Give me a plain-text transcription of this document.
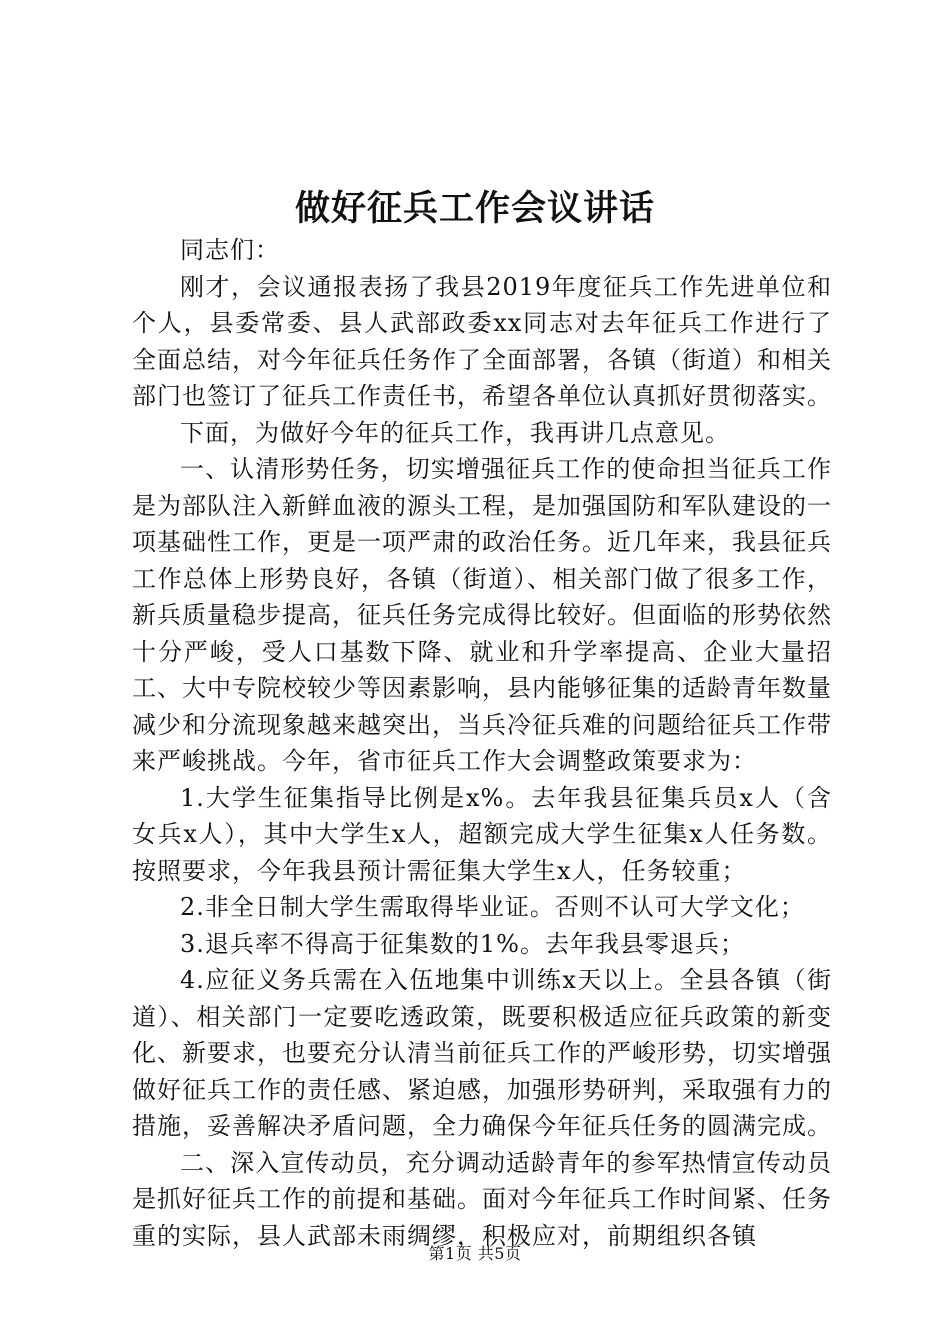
做好征兵工作会议讲话

同志们：

刚才，会议通报表扬了我县2019年度征兵工作先进单位和个人，县委常委、县人武部政委xx同志对去年征兵工作进行了全面总结，对今年征兵任务作了全面部署，各镇（街道）和相关部门也签订了征兵工作责任书，希望各单位认真抓好贯彻落实。

下面，为做好今年的征兵工作，我再讲几点意见。

一、认清形势任务，切实增强征兵工作的使命担当征兵工作是为部队注入新鲜血液的源头工程，是加强国防和军队建设的一项基础性工作，更是一项严肃的政治任务。近几年来，我县征兵工作总体上形势良好，各镇（街道）、相关部门做了很多工作，新兵质量稳步提高，征兵任务完成得比较好。但面临的形势依然十分严峻，受人口基数下降、就业和升学率提高、企业大量招工、大中专院校较少等因素影响，县内能够征集的适龄青年数量减少和分流现象越来越突出，当兵冷征兵难的问题给征兵工作带来严峻挑战。今年，省市征兵工作大会调整政策要求为：

1.大学生征集指导比例是x%。去年我县征集兵员x人（含女兵x人），其中大学生x人，超额完成大学生征集x人任务数。按照要求，今年我县预计需征集大学生x人，任务较重；

2.非全日制大学生需取得毕业证。否则不认可大学文化；

3.退兵率不得高于征集数的1%。去年我县零退兵；

4.应征义务兵需在入伍地集中训练x天以上。全县各镇（街道）、相关部门一定要吃透政策，既要积极适应征兵政策的新变化、新要求，也要充分认清当前征兵工作的严峻形势，切实增强做好征兵工作的责任感、紧迫感，加强形势研判，采取强有力的措施，妥善解决矛盾问题，全力确保今年征兵任务的圆满完成。

二、深入宣传动员，充分调动适龄青年的参军热情宣传动员是抓好征兵工作的前提和基础。面对今年征兵工作时间紧、任务重的实际，县人武部未雨绸缪，积极应对，前期组织各镇

第1页 共5页
